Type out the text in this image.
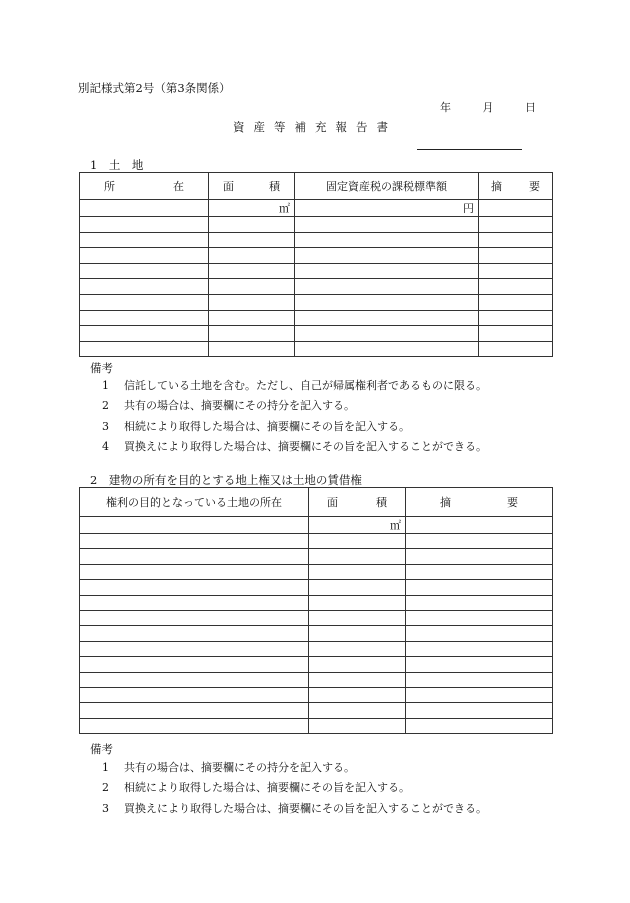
別記様式第2号（第3条関係）
年	月	日
資産等補充報告書
1　土　地
所 在	面 積	固定資産税の課税標準額	摘 要

	㎡	円	

備考
1 信託している土地を含む。ただし、自己が帰属権利者であるものに限る。
2 共有の場合は、摘要欄にその持分を記入する。
3 相続により取得した場合は、摘要欄にその旨を記入する。
4 買換えにより取得した場合は、摘要欄にその旨を記入することができる。
2　建物の所有を目的とする地上権又は土地の賃借権
権利の目的となっている土地の所在	面 積	摘 要

	㎡	

備考
1 共有の場合は、摘要欄にその持分を記入する。
2 相続により取得した場合は、摘要欄にその旨を記入する。
3 買換えにより取得した場合は、摘要欄にその旨を記入することができる。
